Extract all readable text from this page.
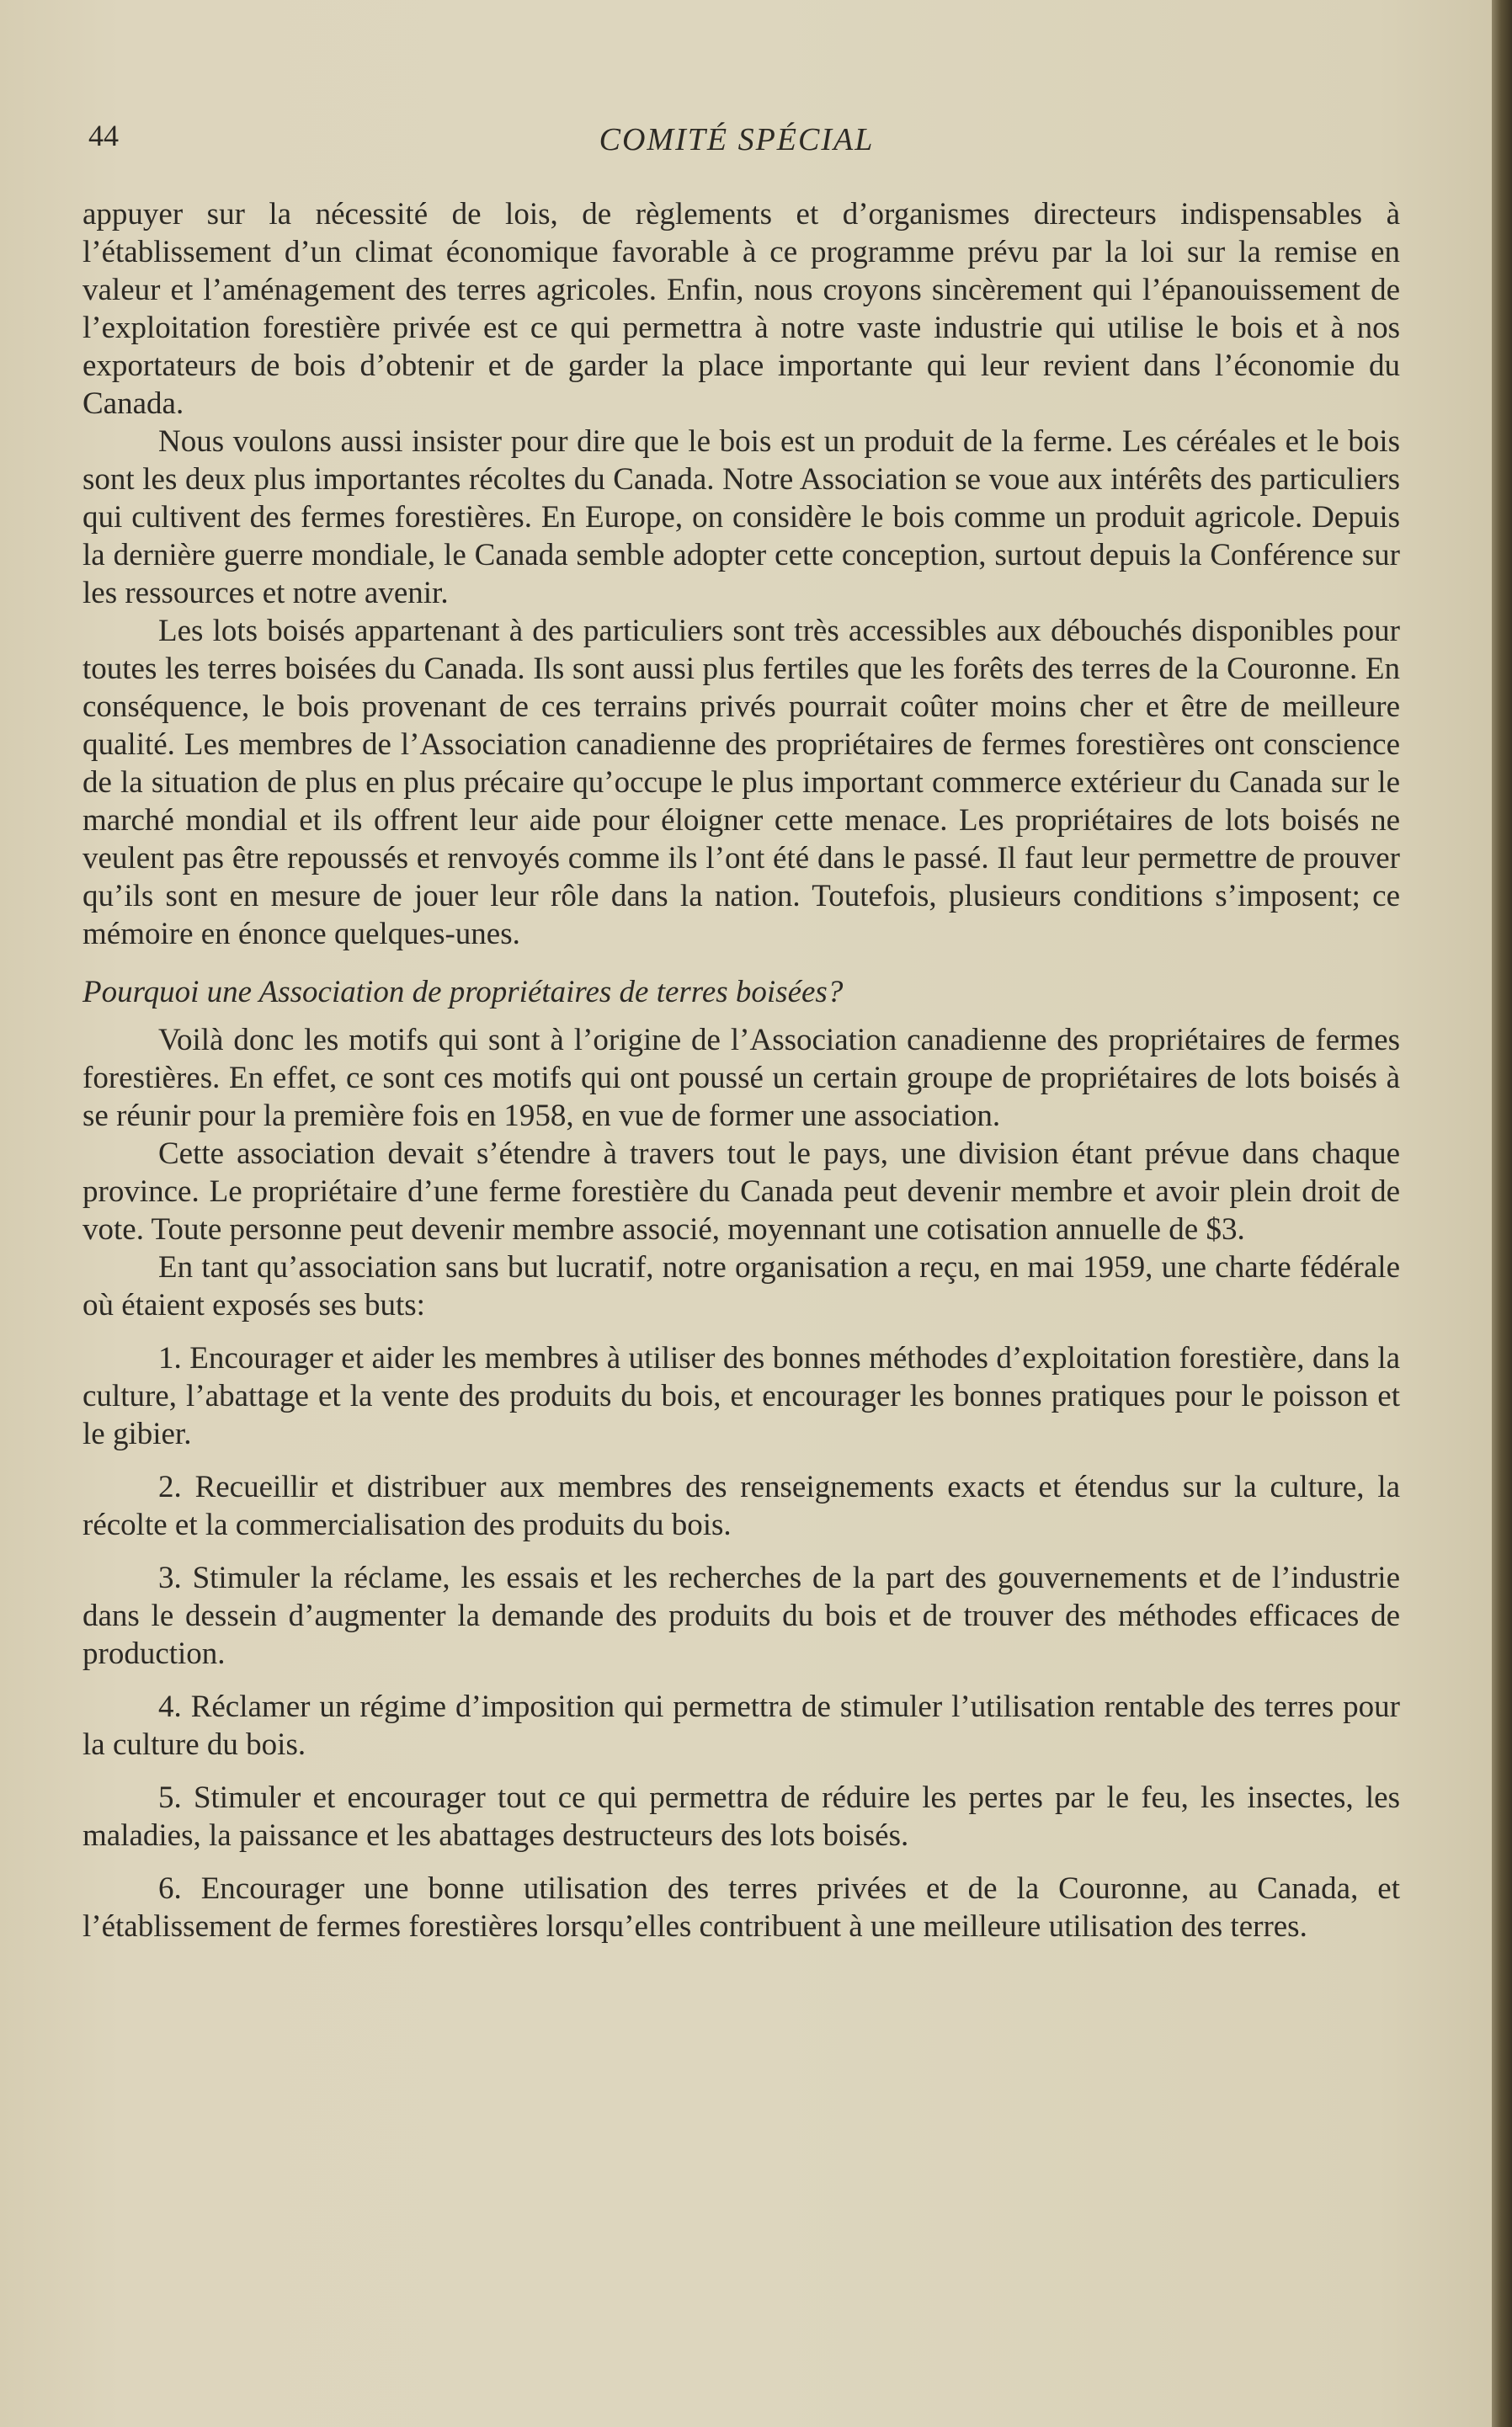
44	COMITÉ SPÉCIAL

appuyer sur la nécessité de lois, de règlements et d’organismes directeurs indispensables à l’établissement d’un climat économique favorable à ce programme prévu par la loi sur la remise en valeur et l’aménagement des terres agricoles. Enfin, nous croyons sincèrement qui l’épanouissement de l’exploitation forestière privée est ce qui permettra à notre vaste industrie qui utilise le bois et à nos exportateurs de bois d’obtenir et de garder la place importante qui leur revient dans l’économie du Canada.

Nous voulons aussi insister pour dire que le bois est un produit de la ferme. Les céréales et le bois sont les deux plus importantes récoltes du Canada. Notre Association se voue aux intérêts des particuliers qui cultivent des fermes forestières. En Europe, on considère le bois comme un produit agricole. Depuis la dernière guerre mondiale, le Canada semble adopter cette conception, surtout depuis la Conférence sur les ressources et notre avenir.

Les lots boisés appartenant à des particuliers sont très accessibles aux débouchés disponibles pour toutes les terres boisées du Canada. Ils sont aussi plus fertiles que les forêts des terres de la Couronne. En conséquence, le bois provenant de ces terrains privés pourrait coûter moins cher et être de meilleure qualité. Les membres de l’Association canadienne des propriétaires de fermes forestières ont conscience de la situation de plus en plus précaire qu’occupe le plus important commerce extérieur du Canada sur le marché mondial et ils offrent leur aide pour éloigner cette menace. Les propriétaires de lots boisés ne veulent pas être repoussés et renvoyés comme ils l’ont été dans le passé. Il faut leur permettre de prouver qu’ils sont en mesure de jouer leur rôle dans la nation. Toutefois, plusieurs conditions s’imposent; ce mémoire en énonce quelques-unes.

Pourquoi une Association de propriétaires de terres boisées?

Voilà donc les motifs qui sont à l’origine de l’Association canadienne des propriétaires de fermes forestières. En effet, ce sont ces motifs qui ont poussé un certain groupe de propriétaires de lots boisés à se réunir pour la première fois en 1958, en vue de former une association.

Cette association devait s’étendre à travers tout le pays, une division étant prévue dans chaque province. Le propriétaire d’une ferme forestière du Canada peut devenir membre et avoir plein droit de vote. Toute personne peut devenir membre associé, moyennant une cotisation annuelle de $3.

En tant qu’association sans but lucratif, notre organisation a reçu, en mai 1959, une charte fédérale où étaient exposés ses buts:

1. Encourager et aider les membres à utiliser des bonnes méthodes d’exploitation forestière, dans la culture, l’abattage et la vente des produits du bois, et encourager les bonnes pratiques pour le poisson et le gibier.

2. Recueillir et distribuer aux membres des renseignements exacts et étendus sur la culture, la récolte et la commercialisation des produits du bois.

3. Stimuler la réclame, les essais et les recherches de la part des gouvernements et de l’industrie dans le dessein d’augmenter la demande des produits du bois et de trouver des méthodes efficaces de production.

4. Réclamer un régime d’imposition qui permettra de stimuler l’utilisation rentable des terres pour la culture du bois.

5. Stimuler et encourager tout ce qui permettra de réduire les pertes par le feu, les insectes, les maladies, la paissance et les abattages destructeurs des lots boisés.

6. Encourager une bonne utilisation des terres privées et de la Couronne, au Canada, et l’établissement de fermes forestières lorsqu’elles contribuent à une meilleure utilisation des terres.
